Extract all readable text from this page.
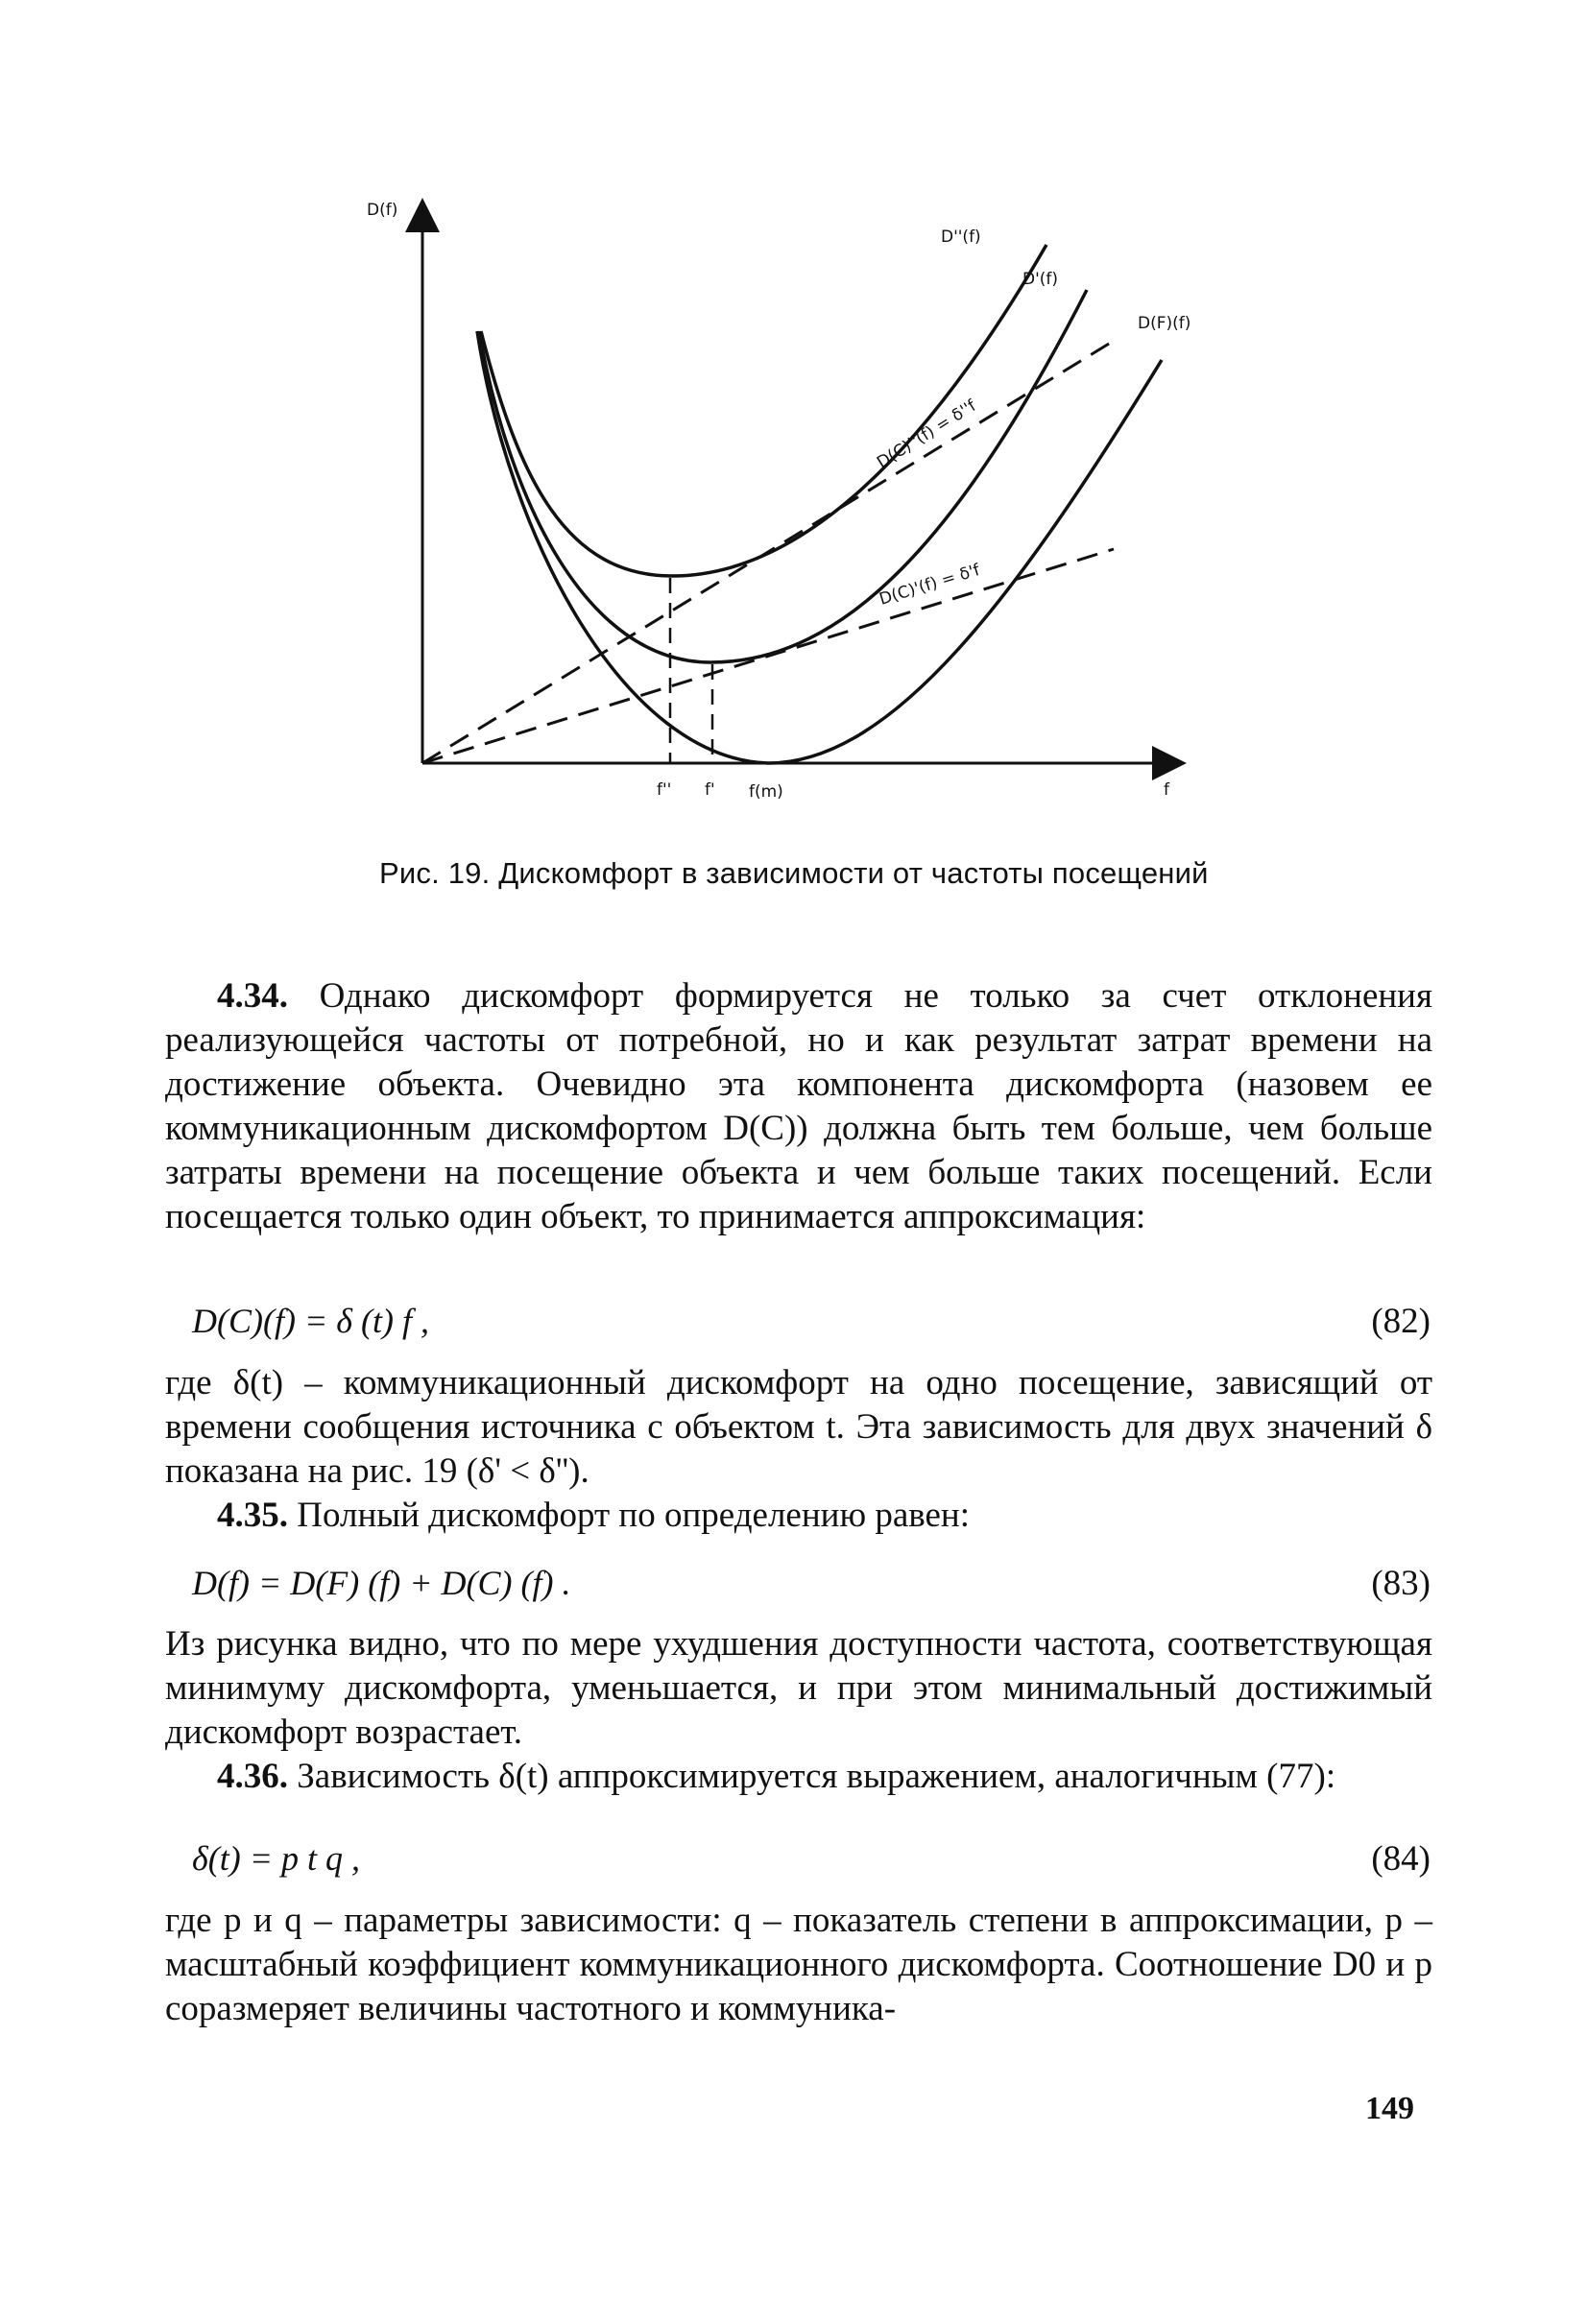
D(f)
f
D''(f)
D'(f)
D(F)(f)
D(C)''(f) = δ''f
D(C)'(f) = δ'f
f'' f' f(m)
Рис. 19. Дискомфорт в зависимости от частоты посещений

4.34. Однако дискомфорт формируется не только за счет отклонения реализующейся частоты от потребной, но и как результат затрат времени на достижение объекта. Очевидно эта компонента дискомфорта (назовем ее коммуникационным дискомфортом D(C)) должна быть тем больше, чем больше затраты времени на посещение объекта и чем больше таких посещений. Если посещается только один объект, то принимается аппроксимация:

D(C)(f) = δ (t) f ,	(82)

где δ(t) – коммуникационный дискомфорт на одно посещение, зависящий от времени сообщения источника с объектом t. Эта зависимость для двух значений δ показана на рис. 19 (δ' < δ'').

4.35. Полный дискомфорт по определению равен:

D(f) = D(F) (f) + D(C) (f) .	(83)

Из рисунка видно, что по мере ухудшения доступности частота, соответствующая минимуму дискомфорта, уменьшается, и при этом минимальный достижимый дискомфорт возрастает.

4.36. Зависимость δ(t) аппроксимируется выражением, аналогичным (77):

δ(t) = p t q ,	(84)

где p и q – параметры зависимости: q – показатель степени в аппроксимации, p – масштабный коэффициент коммуникационного дискомфорта. Соотношение D0 и p соразмеряет величины частотного и коммуника-

149
